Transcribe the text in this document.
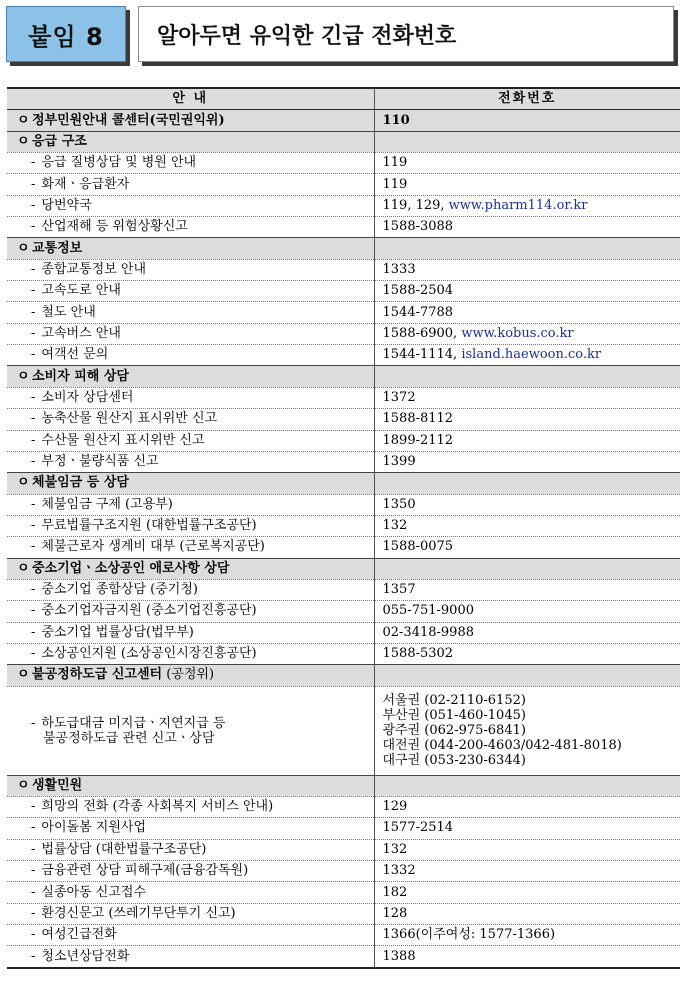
붙임 8	알아두면 유익한 긴급 전화번호
안 내	전화번호
ㅇ 정부민원안내 콜센터(국민권익위)	110
ㅇ 응급 구조	
- 응급 질병상담 및 병원 안내	119
- 화재ㆍ응급환자	119
- 당번약국	119, 129, www.pharm114.or.kr
- 산업재해 등 위험상황신고	1588-3088
ㅇ 교통정보	
- 종합교통정보 안내	1333
- 고속도로 안내	1588-2504
- 철도 안내	1544-7788
- 고속버스 안내	1588-6900, www.kobus.co.kr
- 여객선 문의	1544-1114, island.haewoon.co.kr
ㅇ 소비자 피해 상담	
- 소비자 상담센터	1372
- 농축산물 원산지 표시위반 신고	1588-8112
- 수산물 원산지 표시위반 신고	1899-2112
- 부정ㆍ불량식품 신고	1399
ㅇ 체불임금 등 상담	
- 체불임금 구제 (고용부)	1350
- 무료법률구조지원 (대한법률구조공단)	132
- 체불근로자 생계비 대부 (근로복지공단)	1588-0075
ㅇ 중소기업ㆍ소상공인 애로사항 상담	
- 중소기업 종합상담 (중기청)	1357
- 중소기업자금지원 (중소기업진흥공단)	055-751-9000
- 중소기업 법률상담(법무부)	02-3418-9988
- 소상공인지원 (소상공인시장진흥공단)	1588-5302
ㅇ 불공정하도급 신고센터 (공정위)	

- 하도급대금 미지급ㆍ지연지급 등
불공정하도급 관련 신고ㆍ상담	서울권 (02-2110-6152)
부산권 (051-460-1045)
광주권 (062-975-6841)
대전권 (044-200-4603/042-481-8018)
대구권 (053-230-6344)

ㅇ 생활민원	
- 희망의 전화 (각종 사회복지 서비스 안내)	129
- 아이돌봄 지원사업	1577-2514
- 법률상담 (대한법률구조공단)	132
- 금융관련 상담 피해구제(금융감독원)	1332
- 실종아동 신고접수	182
- 환경신문고 (쓰레기무단투기 신고)	128
- 여성긴급전화	1366(이주여성: 1577-1366)
- 청소년상담전화	1388
